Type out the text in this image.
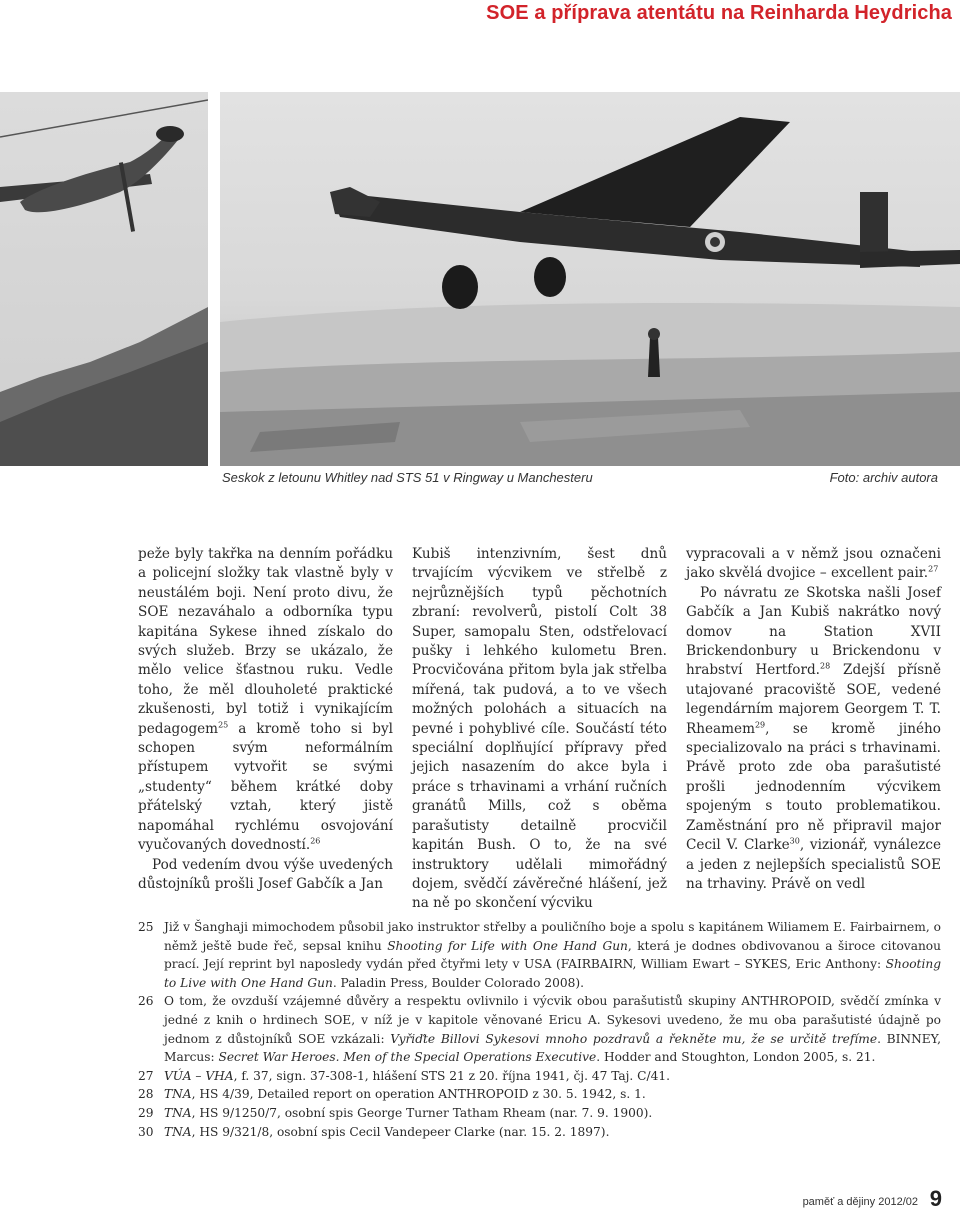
SOE a příprava atentátu na Reinharda Heydricha
Seskok z letounu Whitley nad STS 51 v Ringway u Manchesteru	Foto: archiv autora

peže byly takřka na denním pořádku a policejní složky tak vlastně byly v neustálém boji. Není proto divu, že SOE nezaváhalo a odborníka typu kapitána Sykese ihned získalo do svých služeb. Brzy se ukázalo, že mělo velice šťastnou ruku. Vedle toho, že měl dlouholeté praktické zkušenosti, byl totiž i vynikajícím pedagogem$^{25}$ a kromě toho si byl schopen svým neformálním přístupem vytvořit se svými „studenty“ během krátké doby přátelský vztah, který jistě napomáhal rychlému osvojování vyučovaných dovedností.$^{26}$

Pod vedením dvou výše uvedených důstojníků prošli Josef Gabčík a Jan

Kubiš intenzivním, šest dnů trvajícím výcvikem ve střelbě z nejrůznějších typů pěchotních zbraní: revolverů, pistolí Colt 38 Super, samopalu Sten, odstřelovací pušky i lehkého kulometu Bren. Procvičována přitom byla jak střelba mířená, tak pudová, a to ve všech možných polohách a situacích na pevné i pohyblivé cíle. Součástí této speciální doplňující přípravy před jejich nasazením do akce byla i práce s trhavinami a vrhání ručních granátů Mills, což s oběma parašutisty detailně procvičil kapitán Bush. O to, že na své instruktory udělali mimořádný dojem, svědčí závěrečné hlášení, jež na ně po skončení výcviku

vypracovali a v němž jsou označeni jako skvělá dvojice – excellent pair.$^{27}$

Po návratu ze Skotska našli Josef Gabčík a Jan Kubiš nakrátko nový domov na Station XVII Brickendonbury u Brickendonu v hrabství Hertford.$^{28}$ Zdejší přísně utajované pracoviště SOE, vedené legendárním majorem Georgem T. T. Rheamem$^{29}$, se kromě jiného specializovalo na práci s trhavinami. Právě proto zde oba parašutisté prošli jednodenním výcvikem spojeným s touto problematikou. Zaměstnání pro ně připravil major Cecil V. Clarke$^{30}$, vizionář, vynálezce a jeden z nejlepších specialistů SOE na trhaviny. Právě on vedl

25 Již v Šanghaji mimochodem působil jako instruktor střelby a pouličního boje a spolu s kapitánem Wiliamem E. Fairbairnem, o němž ještě bude řeč, sepsal knihu Shooting for Life with One Hand Gun, která je dodnes obdivovanou a široce citovanou prací. Její reprint byl naposledy vydán před čtyřmi lety v USA (FAIRBAIRN, William Ewart – SYKES, Eric Anthony: Shooting to Live with One Hand Gun. Paladin Press, Boulder Colorado 2008).
26 O tom, že ovzduší vzájemné důvěry a respektu ovlivnilo i výcvik obou parašutistů skupiny ANTHROPOID, svědčí zmínka v jedné z knih o hrdinech SOE, v níž je v kapitole věnované Ericu A. Sykesovi uvedeno, že mu oba parašutisté údajně po jednom z důstojníků SOE vzkázali: Vyřiďte Billovi Sykesovi mnoho pozdravů a řekněte mu, že se určitě trefíme. BINNEY, Marcus: Secret War Heroes. Men of the Special Operations Executive. Hodder and Stoughton, London 2005, s. 21.
27 VÚA – VHA, f. 37, sign. 37-308-1, hlášení STS 21 z 20. října 1941, čj. 47 Taj. C/41.
28 TNA, HS 4/39, Detailed report on operation ANTHROPOID z 30. 5. 1942, s. 1.
29 TNA, HS 9/1250/7, osobní spis George Turner Tatham Rheam (nar. 7. 9. 1900).
30 TNA, HS 9/321/8, osobní spis Cecil Vandepeer Clarke (nar. 15. 2. 1897).
paměť a dějiny 2012/02 9
